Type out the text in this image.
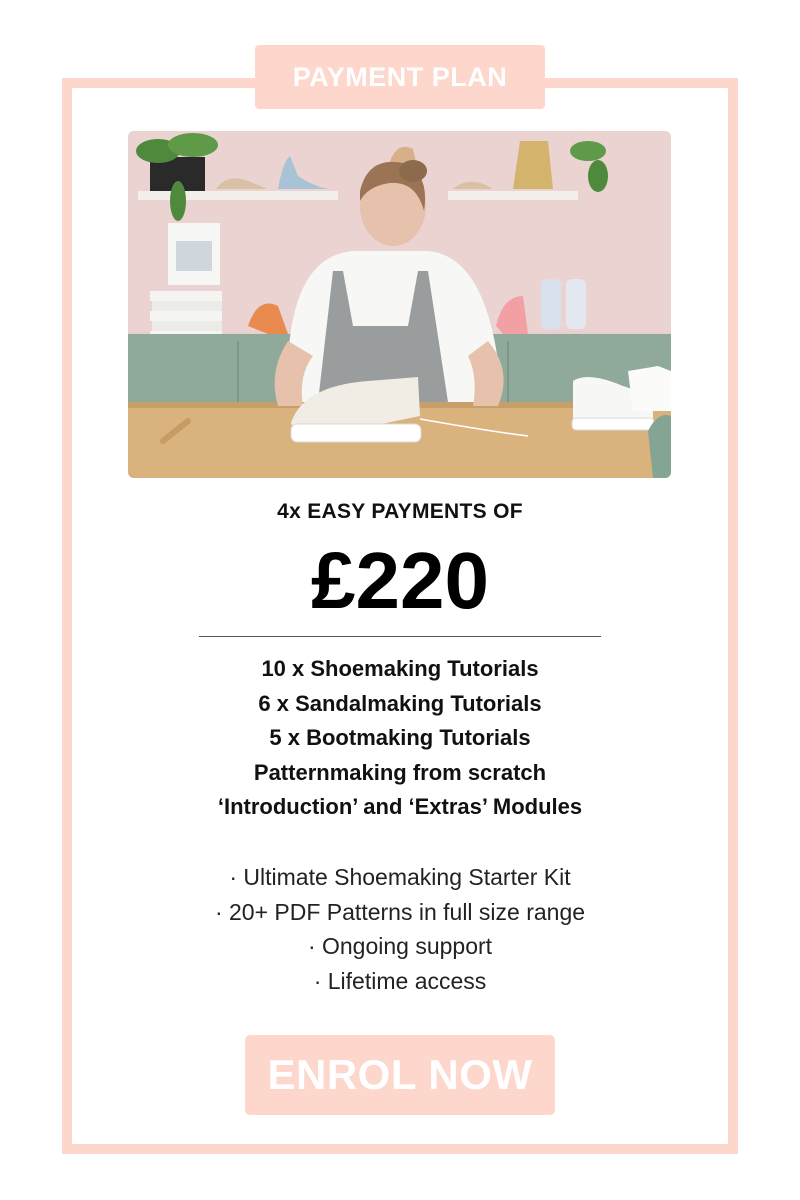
PAYMENT PLAN
4x EASY PAYMENTS OF
£220
10 x Shoemaking Tutorials
6 x Sandalmaking Tutorials
5 x Bootmaking Tutorials
Patternmaking from scratch
‘Introduction’ and ‘Extras’ Modules
· Ultimate Shoemaking Starter Kit
· 20+ PDF Patterns in full size range
· Ongoing support
· Lifetime access
ENROL NOW
